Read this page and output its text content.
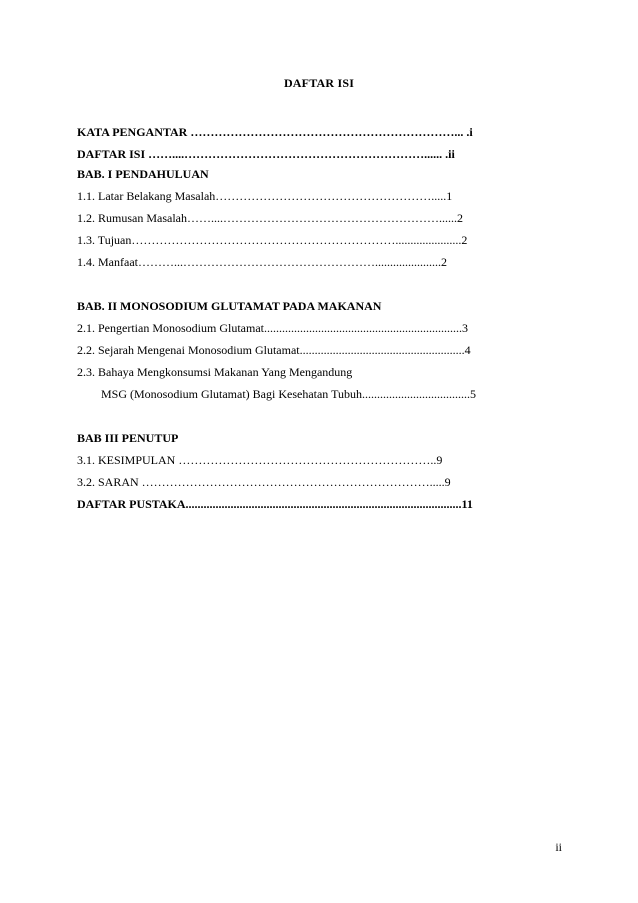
DAFTAR ISI
KATA PENGANTAR …………………………………………………………... .i
DAFTAR ISI ……....……………………………………………………...... .ii
BAB. I PENDAHULUAN
1.1. Latar Belakang Masalah……………………………………………….....1
1.2. Rumusan Masalah……....………………………………………………......2
1.3. Tujuan…………………………………………………………......................2
1.4. Manfaat………...…………………………………………......................2
BAB. II MONOSODIUM GLUTAMAT PADA MAKANAN
2.1. Pengertian Monosodium Glutamat..................................................................3
2.2. Sejarah Mengenai Monosodium Glutamat.......................................................4
2.3. Bahaya Mengkonsumsi Makanan Yang Mengandung
MSG (Monosodium Glutamat) Bagi Kesehatan Tubuh....................................5
BAB III PENUTUP
3.1. KESIMPULAN ………………………………………………………..9
3.2. SARAN ……………………………………………………………….....9
DAFTAR PUSTAKA............................................................................................11
ii
